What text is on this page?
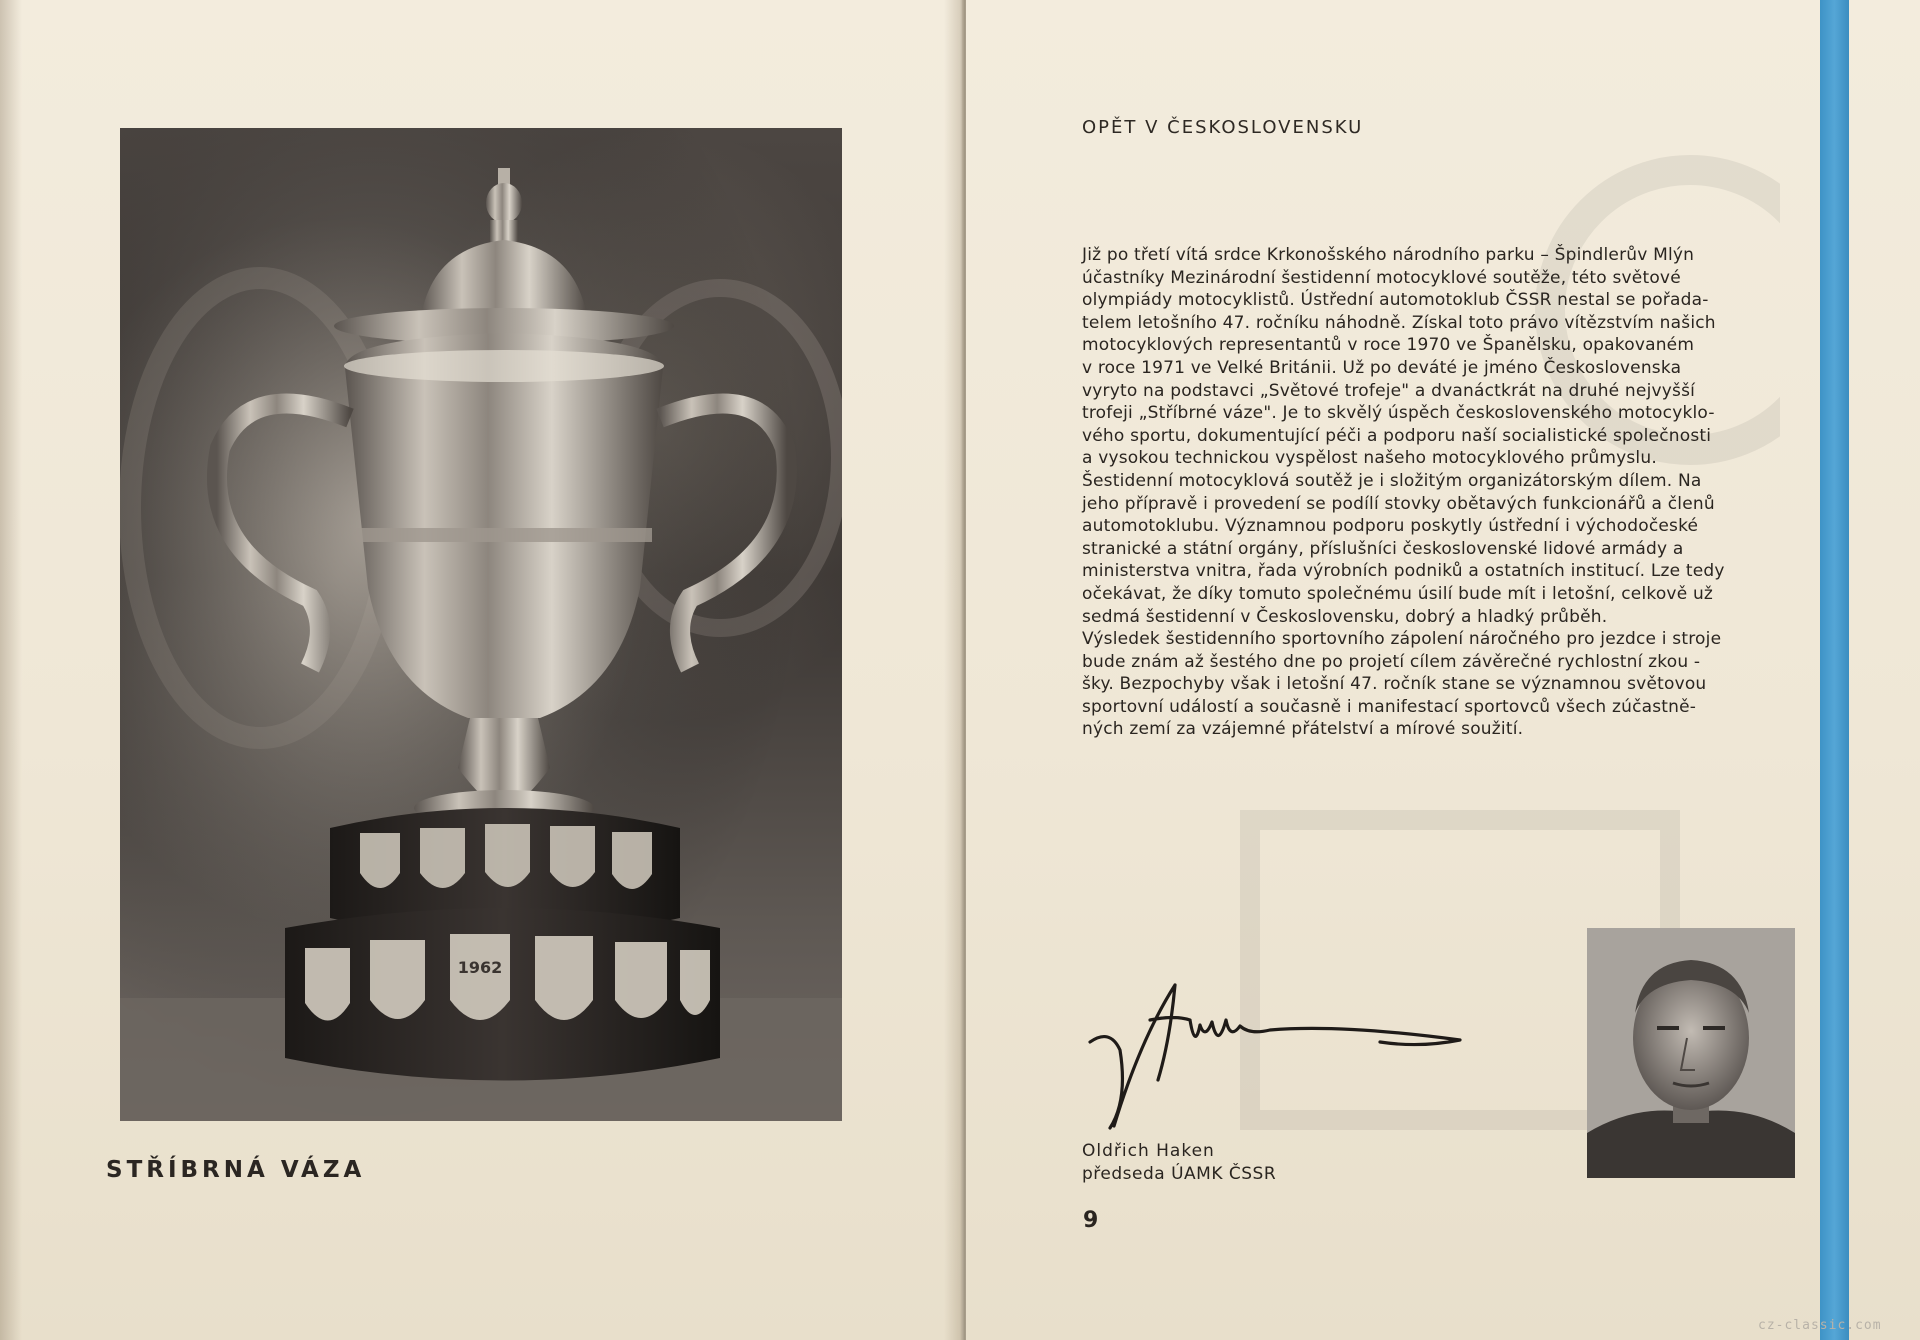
1962
STŘÍBRNÁ VÁZA
OPĚT V ČESKOSLOVENSKU

Již po třetí vítá srdce Krkonošského národního parku – Špindlerův Mlýn

účastníky Mezinárodní šestidenní motocyklové soutěže, této světové

olympiády motocyklistů. Ústřední automotoklub ČSSR nestal se pořada-

telem letošního 47. ročníku náhodně. Získal toto právo vítězstvím našich

motocyklových representantů v roce 1970 ve Španělsku, opakovaném

v roce 1971 ve Velké Británii. Už po deváté je jméno Československa

vyryto na podstavci „Světové trofeje" a dvanáctkrát na druhé nejvyšší

trofeji „Stříbrné váze". Je to skvělý úspěch československého motocyklo-

vého sportu, dokumentující péči a podporu naší socialistické společnosti

a vysokou technickou vyspělost našeho motocyklového průmyslu.

Šestidenní motocyklová soutěž je i složitým organizátorským dílem. Na

jeho přípravě i provedení se podílí stovky obětavých funkcionářů a členů

automotoklubu. Významnou podporu poskytly ústřední i východočeské

stranické a státní orgány, příslušníci československé lidové armády a

ministerstva vnitra, řada výrobních podniků a ostatních institucí. Lze tedy

očekávat, že díky tomuto společnému úsilí bude mít i letošní, celkově už

sedmá šestidenní v Československu, dobrý a hladký průběh.

Výsledek šestidenního sportovního zápolení náročného pro jezdce i stroje

bude znám až šestého dne po projetí cílem závěrečné rychlostní zkou -

šky. Bezpochyby však i letošní 47. ročník stane se významnou světovou

sportovní událostí a současně i manifestací sportovců všech zúčastně-

ných zemí za vzájemné přátelství a mírové soužití.

Oldřich Haken
předseda ÚAMK ČSSR
9
cz-classic.com
